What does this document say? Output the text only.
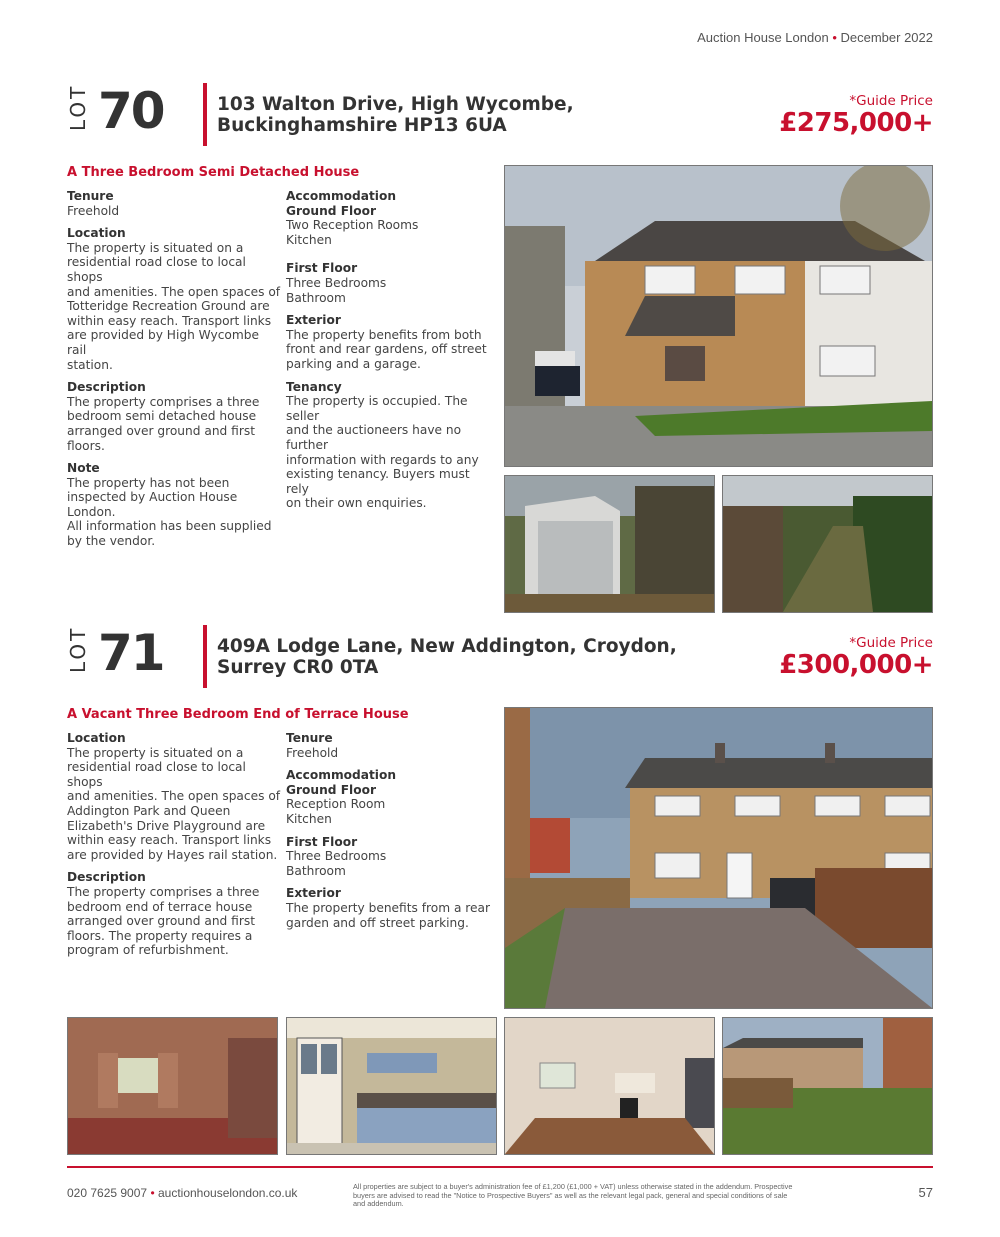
Auction House London • December 2022
LOT 70	103 Walton Drive, High Wycombe,
Buckinghamshire HP13 6UA
*Guide Price
£275,000+
A Three Bedroom Semi Detached House
Tenure
Freehold
Location
The property is situated on a
residential road close to local shops
and amenities. The open spaces of
Totteridge Recreation Ground are
within easy reach. Transport links
are provided by High Wycombe rail
station.
Description
The property comprises a three
bedroom semi detached house
arranged over ground and first
floors.
Note
The property has not been
inspected by Auction House London.
All information has been supplied
by the vendor.
Accommodation
Ground Floor
Two Reception Rooms
Kitchen
First Floor
Three Bedrooms
Bathroom
Exterior
The property benefits from both
front and rear gardens, off street
parking and a garage.
Tenancy
The property is occupied. The seller
and the auctioneers have no further
information with regards to any
existing tenancy. Buyers must rely
on their own enquiries.
LOT 71	409A Lodge Lane, New Addington, Croydon,
Surrey CR0 0TA
*Guide Price
£300,000+
A Vacant Three Bedroom End of Terrace House
Location
The property is situated on a
residential road close to local shops
and amenities. The open spaces of
Addington Park and Queen
Elizabeth's Drive Playground are
within easy reach. Transport links
are provided by Hayes rail station.
Description
The property comprises a three
bedroom end of terrace house
arranged over ground and first
floors. The property requires a
program of refurbishment.
Tenure
Freehold
Accommodation
Ground Floor
Reception Room
Kitchen
First Floor
Three Bedrooms
Bathroom
Exterior
The property benefits from a rear
garden and off street parking.
020 7625 9007 • auctionhouselondon.co.uk	All properties are subject to a buyer's administration fee of £1,200 (£1,000 + VAT) unless otherwise stated in the addendum. Prospective
buyers are advised to read the "Notice to Prospective Buyers" as well as the relevant legal pack, general and special conditions of sale
and addendum.
57
